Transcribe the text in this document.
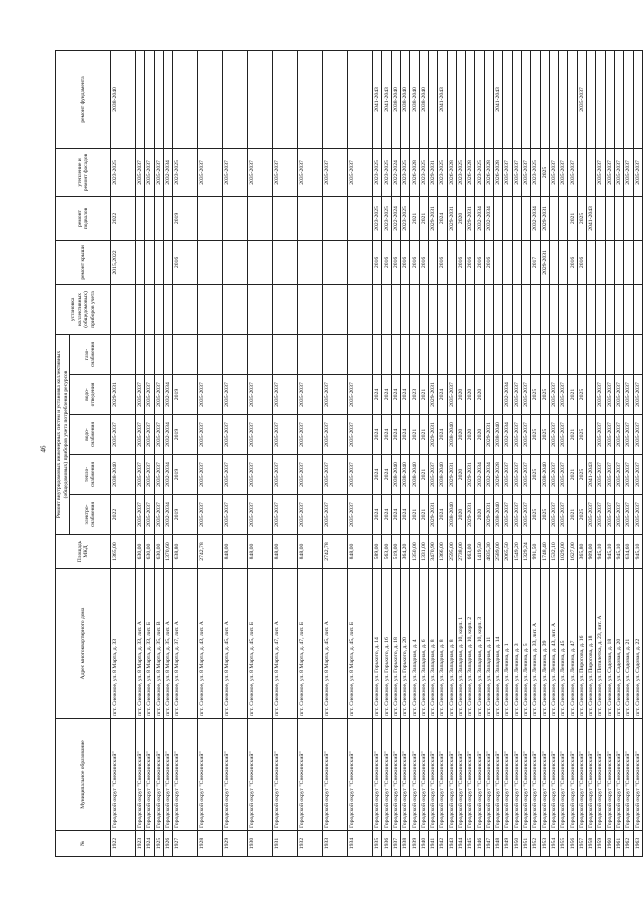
46
№	Муниципальное образование	Адрес многоквартирного дома	Площадь МКД	Ремонт внутридомовых инженерных систем и установка коллективных (общедомовых) приборов учета потребления ресурсов					установка коллективных (общедомовых) приборов учета	ремонт крыши	ремонт подвалов	утепление и ремонт фасадов	ремонт фундамента
				электро-снабжения	тепло-снабжения	водо-снабжения	водо-отведения	газо-снабжения					
1922	Городской округ "Снежинский"	пгт. Снежное, ул. 8 Марта, д. 33	1365,00	2022	2038-2040	2035-2037	2029-2031			2015,2022	2022	2023-2025	2038-2040
1923	Городской округ "Снежинский"	пгт. Снежное, ул. 8 Марта, д. 33, лит. А	630,00	2035-2037	2035-2037	2035-2037	2035-2037					2035-2037	
1924	Городской округ "Снежинский"	пгт. Снежное, ул. 8 Марта, д. 33, лит. Б	630,00	2035-2037	2035-2037	2035-2037	2035-2037					2035-2037	
1925	Городской округ "Снежинский"	пгт. Снежное, ул. 8 Марта, д. 35, лит. В	630,00	2035-2037	2035-2037	2035-2037	2035-2037					2035-2037	
1926	Городской округ "Снежинский"	пгт. Снежное, ул. 8 Марта, д. 35, лит. А	1370,60	2032-2034	2032-2034	2032-2034	2032-2034					2032-2034	
1927	Городской округ "Снежинский"	пгт. Снежное, ул. 8 Марта, д. 37, лит. А	638,80	2019	2019	2019	2019			2016	2019	2023-2025	
1928	Городской округ "Снежинский"	пгт. Снежное, ул. 8 Марта, д. 43, лит. А	2742,78	2035-2037	2035-2037	2035-2037	2035-2037					2035-2037	
1929	Городской округ "Снежинский"	пгт. Снежное, ул. 8 Марта, д. 45, лит. А	848,00	2035-2037	2035-2037	2035-2037	2035-2037					2035-2037	
1930	Городской округ "Снежинский"	пгт. Снежное, ул. 8 Марта, д. 45, лит. Б	848,00	2035-2037	2035-2037	2035-2037	2035-2037					2035-2037	
1931	Городской округ "Снежинский"	пгт. Снежное, ул. 8 Марта, д. 47, лит. А	848,00	2035-2037	2035-2037	2035-2037	2035-2037					2035-2037	
1932	Городской округ "Снежинский"	пгт. Снежное, ул. 8 Марта, д. 47, лит. Б	848,00	2035-2037	2035-2037	2035-2037	2035-2037					2035-2037	
1933	Городской округ "Снежинский"	пгт. Снежное, ул. 8 Марта, д. 45, лит. А	2742,78	2035-2037	2035-2037	2035-2037	2035-2037					2035-2037	
1934	Городской округ "Снежинский"	пгт. Снежное, ул. 8 Марта, д. 45, лит. Б	848,00	2035-2037	2035-2037	2035-2037	2035-2037					2035-2037	
1935	Городской округ "Снежинский"	пгт. Снежное, ул. Горького, д. 14	589,00	2024	2024	2024	2024			2016	2023-2025	2023-2025	2041-2043
1936	Городской округ "Снежинский"	пгт. Снежное, ул. Горького, д. 16	563,00	2024	2024	2024	2024			2016	2023-2025	2023-2025	2041-2043
1937	Городской округ "Снежинский"	пгт. Снежное, ул. Горького, д. 18	519,00	2024	2038-2040	2024	2024			2016	2022-2024	2022-2024	2038-2040
1938	Городской округ "Снежинский"	пгт. Снежное, ул. Горького, д. 20	364,20	2024	2038-2040	2024	2024			2016	2023-2025	2023-2025	2038-2040
1939	Городской округ "Снежинский"	пгт. Снежное, ул. Западная, д. 4	1350,00	2021	2038-2040	2021	2023			2016	2021	2026-2028	2038-2040
1940	Городской округ "Снежинский"	пгт. Снежное, ул. Западная, д. 6	1331,00	2021	2021	2021	2021			2016	2021	2023-2025	2038-2040
1941	Городской округ "Снежинский"	пгт. Снежное, ул. Западная, д. 8	3470,90	2029-2031	2035-2037	2029-2031	2029-2031				2029-2031	2029-2031	
1942	Городской округ "Снежинский"	пгт. Снежное, ул. Западная, д. 8	1366,00	2024	2038-2040	2024	2024			2016	2024	2023-2025	2041-2043
1943	Городской округ "Снежинский"	пгт. Снежное, ул. Западная, д. 8	2595,00	2038-2040	2029-2031	2038-2040	2035-2037				2029-2031	2026-2028	
1944	Городской округ "Снежинский"	пгт. Снежное, ул. Западная, д. 10, корп. 1	2738,00	2020	2020	2020	2020			2016	2020	2023-2025	
1945	Городской округ "Снежинский"	пгт. Снежное, ул. Западная, д. 10, корп. 2	663,00	2029-2031	2029-2031	2020	2020			2016	2029-2031	2026-2028	
1946	Городской округ "Снежинский"	пгт. Снежное, ул. Западная, д. 10, корп. 3	1419,50	2020	2032-2034	2020	2020			2016	2032-2034	2023-2025	
1947	Городской округ "Снежинский"	пгт. Снежное, ул. Западная, д. 11	4835,30	2029-2031	2032-2034	2029-2031				2016	2032-2034	2026-2028	
1948	Городской округ "Снежинский"	пгт. Снежное, ул. Западная, д. 14	2589,00	2038-2040	2026-2028	2038-2040						2026-2028	2041-2043
1949	Городской округ "Снежинский"	пгт. Снежное, ул. Ленина, д. 1	2065,50	2035-2037	2035-2037	2032-2034	2032-2034					2035-2037	
1950	Городской округ "Снежинский"	пгт. Снежное, ул. Ленина, д. 3	1549,20	2035-2037	2035-2037	2035-2037	2035-2037					2035-2037	
1951	Городской округ "Снежинский"	пгт. Снежное, ул. Ленина, д. 5	1329,24	2035-2037	2035-2037	2035-2037	2035-2037					2035-2037	
1952	Городской округ "Снежинский"	пгт. Снежное, ул. Ленина, д. 33, лит. А	991,50	2025	2025	2025	2025			2017	2032-2034	2023-2025	
1953	Городской округ "Снежинский"	пгт. Снежное, ул. Ленина, д. 39	1748,40	2025	2038-2040	2025	2025			2029-2031	2029-2031	2025	
1954	Городской округ "Снежинский"	пгт. Снежное, ул. Ленина, д. 43, лит. А	1532,10	2035-2037	2035-2037	2035-2037	2035-2037					2035-2037	
1955	Городской округ "Снежинский"	пгт. Снежное, ул. Ленина, д. 45	1029,00	2035-2037	2035-2037	2035-2037	2035-2037					2035-2037	
1956	Городской округ "Снежинский"	пгт. Снежное, ул. Ленина, д. 47	1627,00	2021	2021	2021	2021			2016	2021	2035-2037	
1957	Городской округ "Снежинский"	пгт. Снежное, ул. Пирогова, д. 16	365,80	2025	2025	2025	2025			2016	2025		2035-2037
1958	Городской округ "Снежинский"	пгт. Снежное, ул. Пирогова, д. 18	909,00	2035-2037	2041-2043						2041-2043		
1959	Городской округ "Снежинский"	пгт. Снежное, ул. Пятилетка, д. 23, лит. А	945,10	2035-2037	2035-2037	2035-2037	2035-2037					2035-2037	
1960	Городской округ "Снежинский"	пгт. Снежное, ул. Садовая, д. 18	945,10	2035-2037	2035-2037	2035-2037	2035-2037					2035-2037	
1961	Городской округ "Снежинский"	пгт. Снежное, ул. Садовая, д. 20	945,10	2035-2037	2035-2037	2035-2037	2035-2037					2035-2037	
1962	Городской округ "Снежинский"	пгт. Снежное, ул. Садовая, д. 21	634,60	2035-2037	2035-2037	2035-2037	2035-2037					2035-2037	
1963	Городской округ "Снежинский"	пгт. Снежное, ул. Садовая, д. 22	945,10	2035-2037	2035-2037	2035-2037	2035-2037					2035-2037	
